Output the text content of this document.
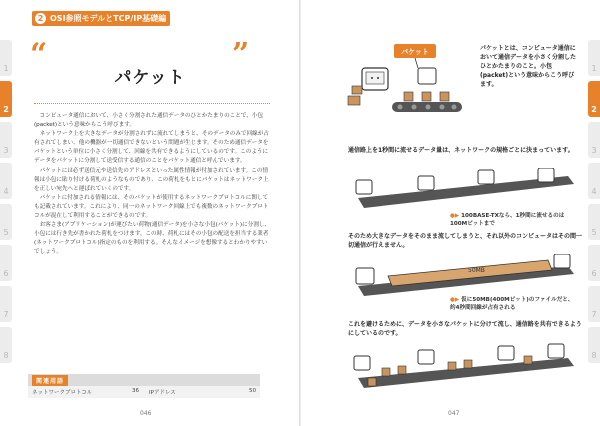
2 OSI参照モデルとTCP/IP基礎編
1
2
3
4
5
6
7
8
“	”
パケット

コンピュータ通信において、小さく分割された通信データのひとかたまりのことで、小包(packet)という意味からこう呼びます。

ネットワーク上を大きなデータが分割されずに流れてしまうと、そのデータのみで回線が占有されてしまい、他の機器が一切通信できないという問題が生じます。そのため通信データをパケットという単位に小さく分割して、回線を共有できるようにしているのです。このようにデータをパケットに分割して送受信する通信のことをパケット通信と呼んでいます。

パケットには必ず送信元や送信先のアドレスといった属性情報が付加されています。この情報は小包に貼り付ける荷札のようなものであり、この荷札をもとにパケットはネットワーク上を正しい宛先へと運ばれていくのです。

パケットに付加される情報には、そのパケットが使用するネットワークプロトコルに関しても記載されています。これにより、同一のネットワーク回線上でも複数のネットワークプロトコルが混在して利用することができるのです。

お客さま(アプリケーション)が運びたい荷物(通信データ)を小さな小包(パケット)に分割し、小包には行き先が書かれた荷札をつけます。この時、荷札にはその小包の配送を担当する業者(ネットワークプロトコル)指定のものを利用する。そんなイメージを想像するとわかりやすいでしょう。

関連用語
ネットワークプロトコル	36 IPアドレス	50
046
1
2
3
4
5
6
7
8
パケット	パケットとは、コンピュータ通信において通信データを小さく分割したひとかたまりのこと。小包(packet)という意味からこう呼びます。
通信路上を1秒間に流せるデータ量は、ネットワークの規格ごとに決まっています。
●▶ 100BASE-TXなら、1秒間に流せるのは100Mビットまで
そのため大きなデータをそのまま流してしまうと、それ以外のコンピュータはその間一切通信が行えません。
50MB
●▶ 仮に50MB(400Mビット)のファイルだと、約4秒間回線が占有される
これを避けるために、データを小さなパケットに分けて流し、通信路を共有できるようにしているのです。
047
